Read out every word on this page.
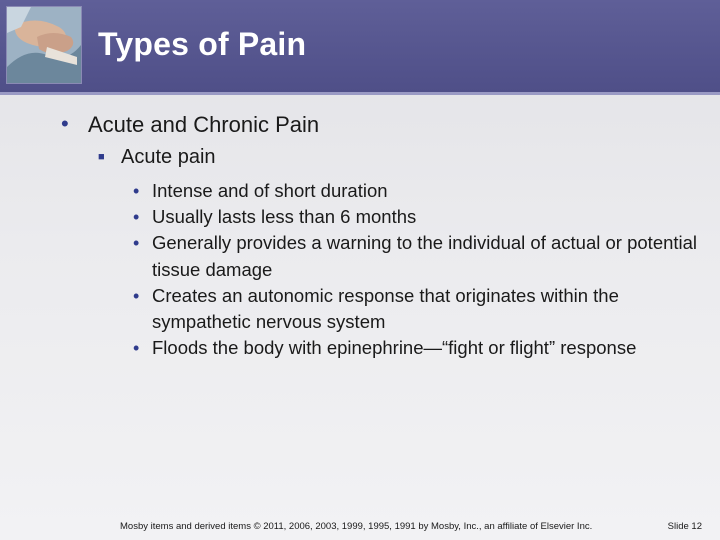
Types of Pain
• Acute and Chronic Pain

■ Acute pain

• Intense and of short duration
• Usually lasts less than 6 months
• Generally provides a warning to the individual of actual or potential tissue damage
• Creates an autonomic response that originates within the sympathetic nervous system
• Floods the body with epinephrine—“fight or flight” response

Mosby items and derived items © 2011, 2006, 2003, 1999, 1995, 1991 by Mosby, Inc., an affiliate of Elsevier Inc.	Slide 12
